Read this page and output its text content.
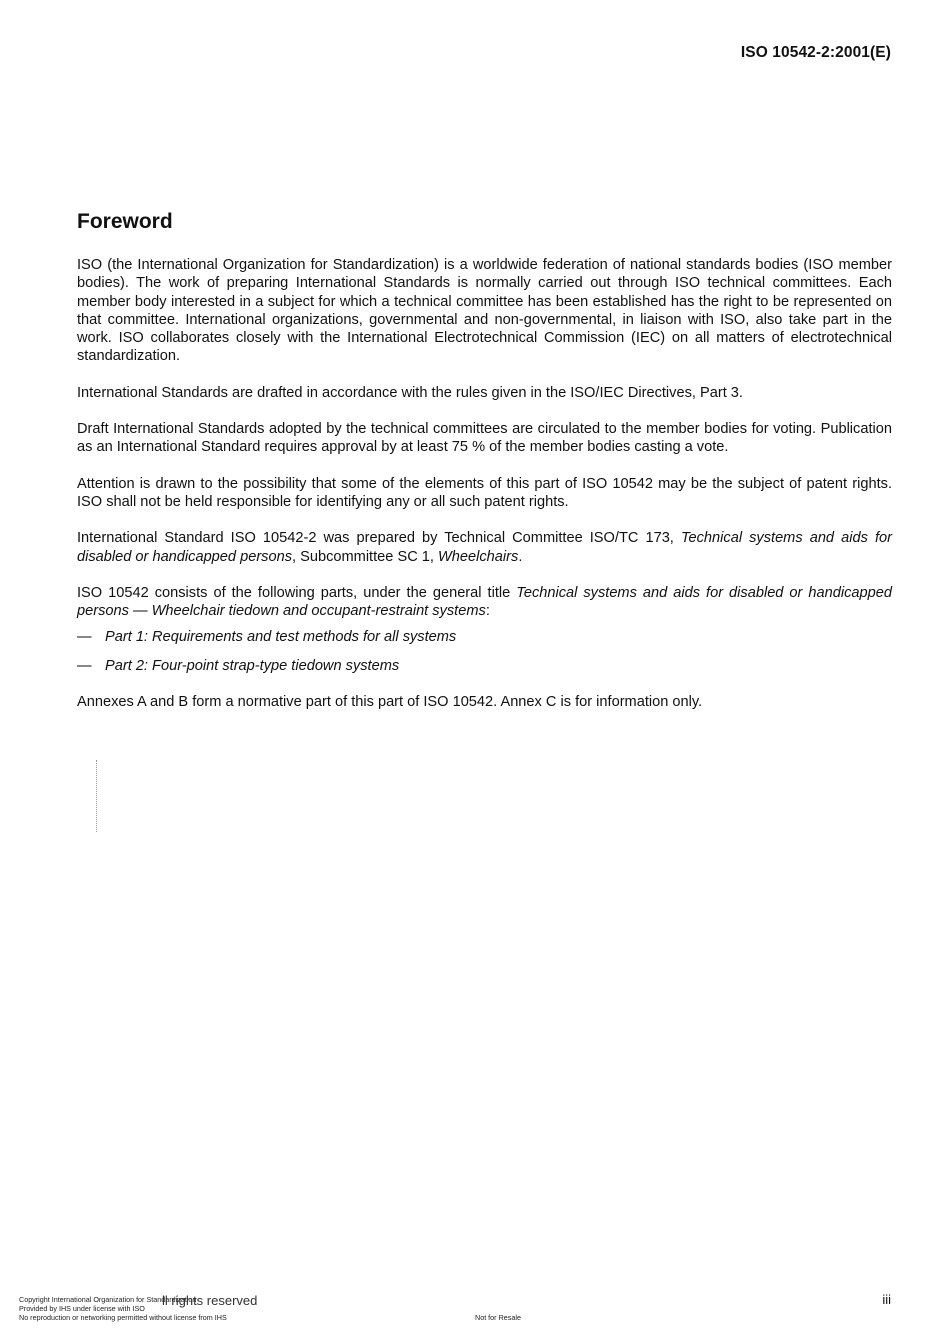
ISO 10542-2:2001(E)
Foreword

ISO (the International Organization for Standardization) is a worldwide federation of national standards bodies (ISO member bodies). The work of preparing International Standards is normally carried out through ISO technical committees. Each member body interested in a subject for which a technical committee has been established has the right to be represented on that committee. International organizations, governmental and non-governmental, in liaison with ISO, also take part in the work. ISO collaborates closely with the International Electrotechnical Commission (IEC) on all matters of electrotechnical standardization.

International Standards are drafted in accordance with the rules given in the ISO/IEC Directives, Part 3.

Draft International Standards adopted by the technical committees are circulated to the member bodies for voting. Publication as an International Standard requires approval by at least 75 % of the member bodies casting a vote.

Attention is drawn to the possibility that some of the elements of this part of ISO 10542 may be the subject of patent rights. ISO shall not be held responsible for identifying any or all such patent rights.

International Standard ISO 10542-2 was prepared by Technical Committee ISO/TC 173, Technical systems and aids for disabled or handicapped persons, Subcommittee SC 1, Wheelchairs.

ISO 10542 consists of the following parts, under the general title Technical systems and aids for disabled or handicapped persons — Wheelchair tiedown and occupant-restraint systems:

— Part 1: Requirements and test methods for all systems
— Part 2: Four-point strap-type tiedown systems

Annexes A and B form a normative part of this part of ISO 10542. Annex C is for information only.

Copyright International Organization for Standardization
Provided by IHS under license with ISO
No reproduction or networking permitted without license from IHS
ll rights reserved
Not for Resale
iii
